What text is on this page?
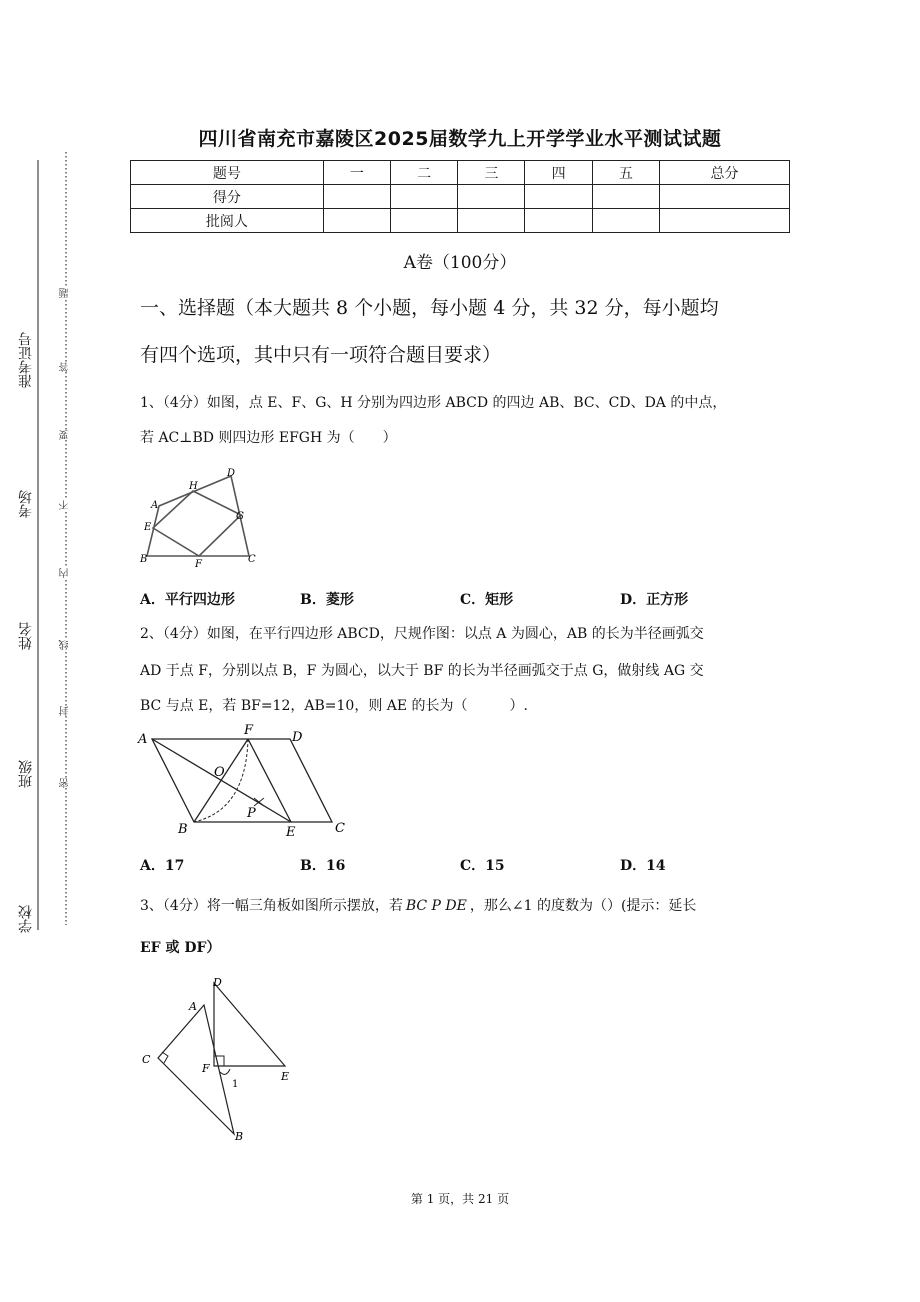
准考证号
考场
姓名
班级
学校
题
答
要
不
内
线
封
密
四川省南充市嘉陵区2025届数学九上开学学业水平测试试题
题号	一	二	三	四	五	总分
得分						
批阅人						
A卷（100分）
一、选择题（本大题共 8 个小题，每小题 4 分，共 32 分，每小题均
有四个选项，其中只有一项符合题目要求）
1、（4分）如图，点 E、F、G、H 分别为四边形 ABCD 的四边 AB、BC、CD、DA 的中点，
若 AC⊥BD 则四边形 EFGH 为（　　）
A
B	C
D
E
F
G
H
A．平行四边形	B．菱形	C．矩形	D．正方形
2、（4分）如图，在平行四边形 ABCD，尺规作图：以点 A 为圆心，AB 的长为半径画弧交
AD 于点 F，分别以点 B，F 为圆心，以大于 BF 的长为半径画弧交于点 G，做射线 AG 交
BC 与点 E，若 BF=12，AB=10，则 AE 的长为（　　　）.
A
F	D
O
P
B	E	C
A．17	B．16	C．15	D．14
3、（4分）将一幅三角板如图所示摆放，若 BC P DE ，那么∠1 的度数为（）(提示：延长
EF 或 DF）
D
A
C
F
E
1
B
第 1 页，共 21 页
